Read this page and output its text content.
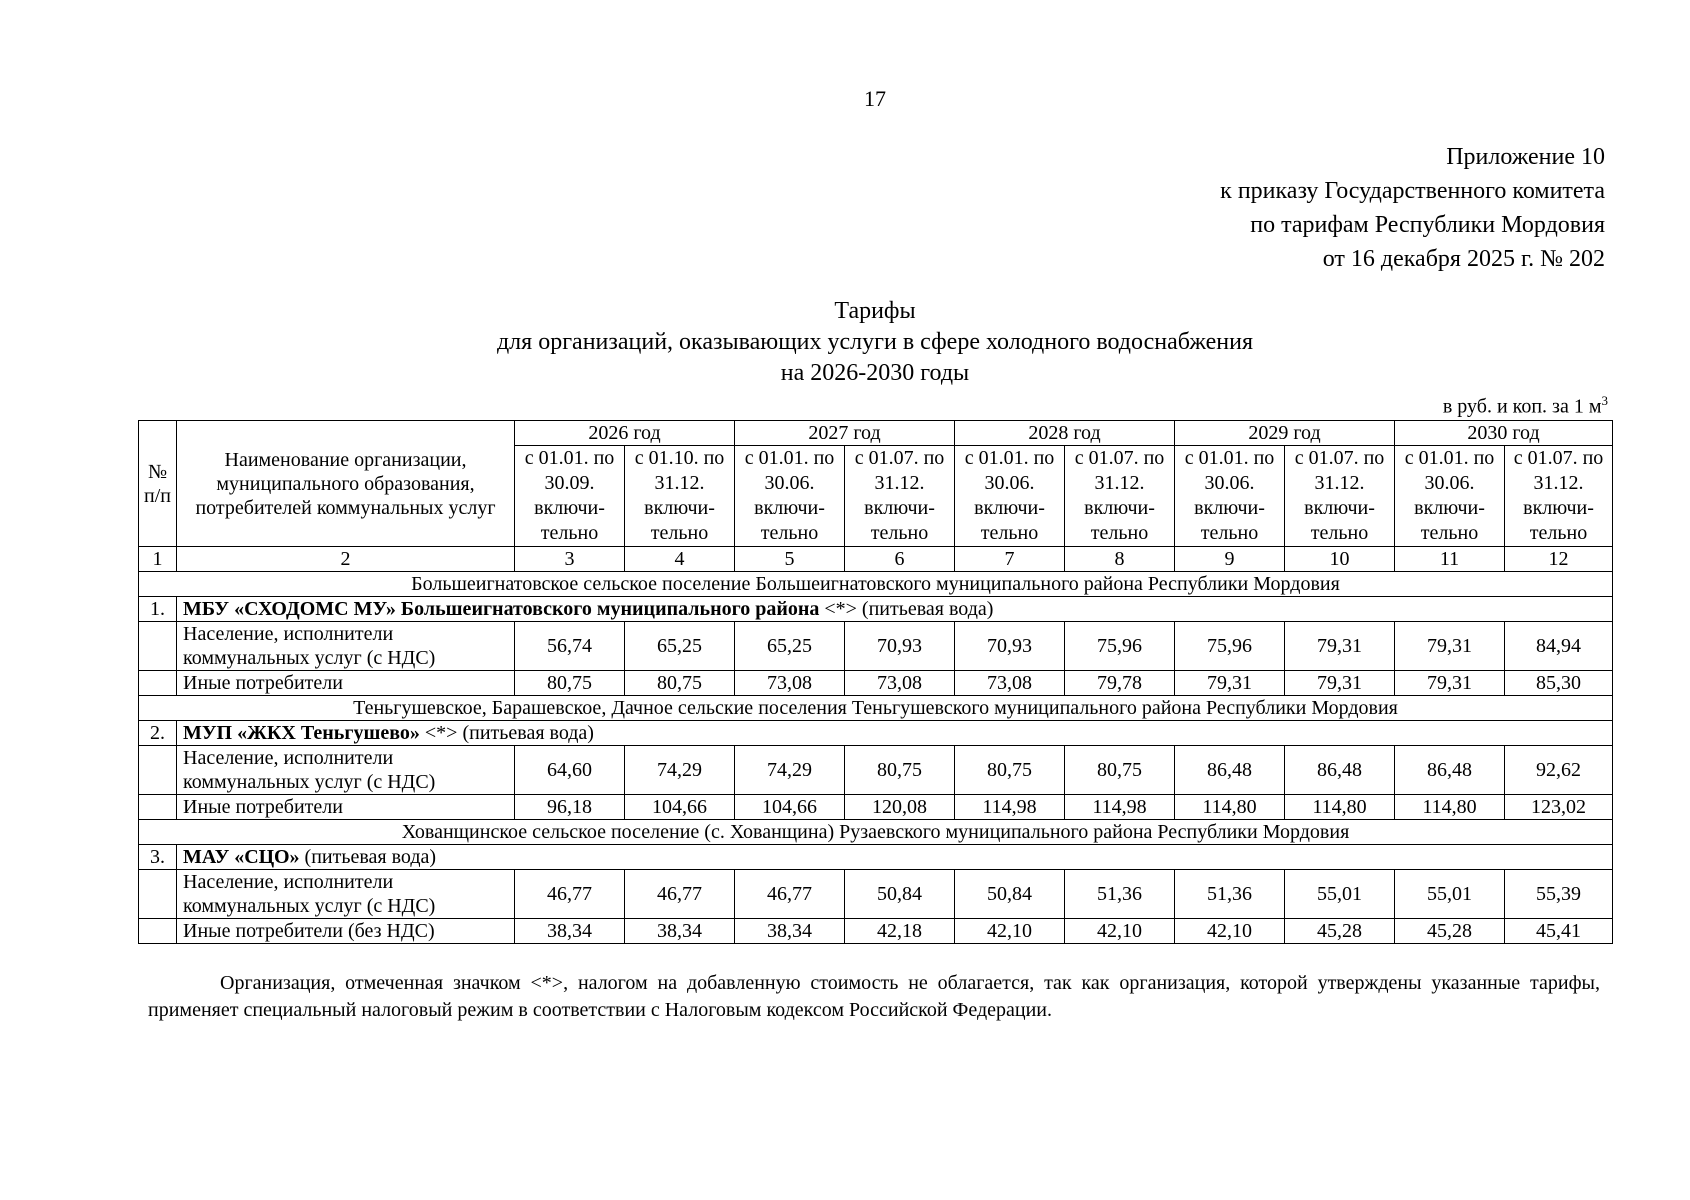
17
Приложение 10
к приказу Государственного комитета
по тарифам Республики Мордовия
от 16 декабря 2025 г. № 202
Тарифы
для организаций, оказывающих услуги в сфере холодного водоснабжения
на 2026-2030 годы
в руб. и коп. за 1 $м^3$
№ п/п	Наименование организации, муниципального образования, потребителей коммунальных услуг	2026 год		2027 год		2028 год		2029 год		2030 год	
		с 01.01. по 30.09. включи-тельно	с 01.10. по 31.12. включи-тельно	с 01.01. по 30.06. включи-тельно	с 01.07. по 31.12. включи-тельно	с 01.01. по 30.06. включи-тельно	с 01.07. по 31.12. включи-тельно	с 01.01. по 30.06. включи-тельно	с 01.07. по 31.12. включи-тельно	с 01.01. по 30.06. включи-тельно	с 01.07. по 31.12. включи-тельно
1	2	3	4	5	6	7	8	9	10	11	12
Большеигнатовское сельское поселение Большеигнатовского муниципального района Республики Мордовия											
1.	МБУ «СХОДОМС МУ» Большеигнатовского муниципального района <*> (питьевая вода)										
	Население, исполнители коммунальных услуг (с НДС)	56,74	65,25	65,25	70,93	70,93	75,96	75,96	79,31	79,31	84,94
	Иные потребители	80,75	80,75	73,08	73,08	73,08	79,78	79,31	79,31	79,31	85,30
Теньгушевское, Барашевское, Дачное сельские поселения Теньгушевского муниципального района Республики Мордовия											
2.	МУП «ЖКХ Теньгушево» <*> (питьевая вода)										
	Население, исполнители коммунальных услуг (с НДС)	64,60	74,29	74,29	80,75	80,75	80,75	86,48	86,48	86,48	92,62
	Иные потребители	96,18	104,66	104,66	120,08	114,98	114,98	114,80	114,80	114,80	123,02
Хованщинское сельское поселение (с. Хованщина) Рузаевского муниципального района Республики Мордовия											
3.	МАУ «СЦО» (питьевая вода)										
	Население, исполнители коммунальных услуг (с НДС)	46,77	46,77	46,77	50,84	50,84	51,36	51,36	55,01	55,01	55,39
	Иные потребители (без НДС)	38,34	38,34	38,34	42,18	42,10	42,10	42,10	45,28	45,28	45,41
Организация, отмеченная значком <*>, налогом на добавленную стоимость не облагается, так как организация, которой утверждены указанные тарифы, применяет специальный налоговый режим в соответствии с Налоговым кодексом Российской Федерации.
